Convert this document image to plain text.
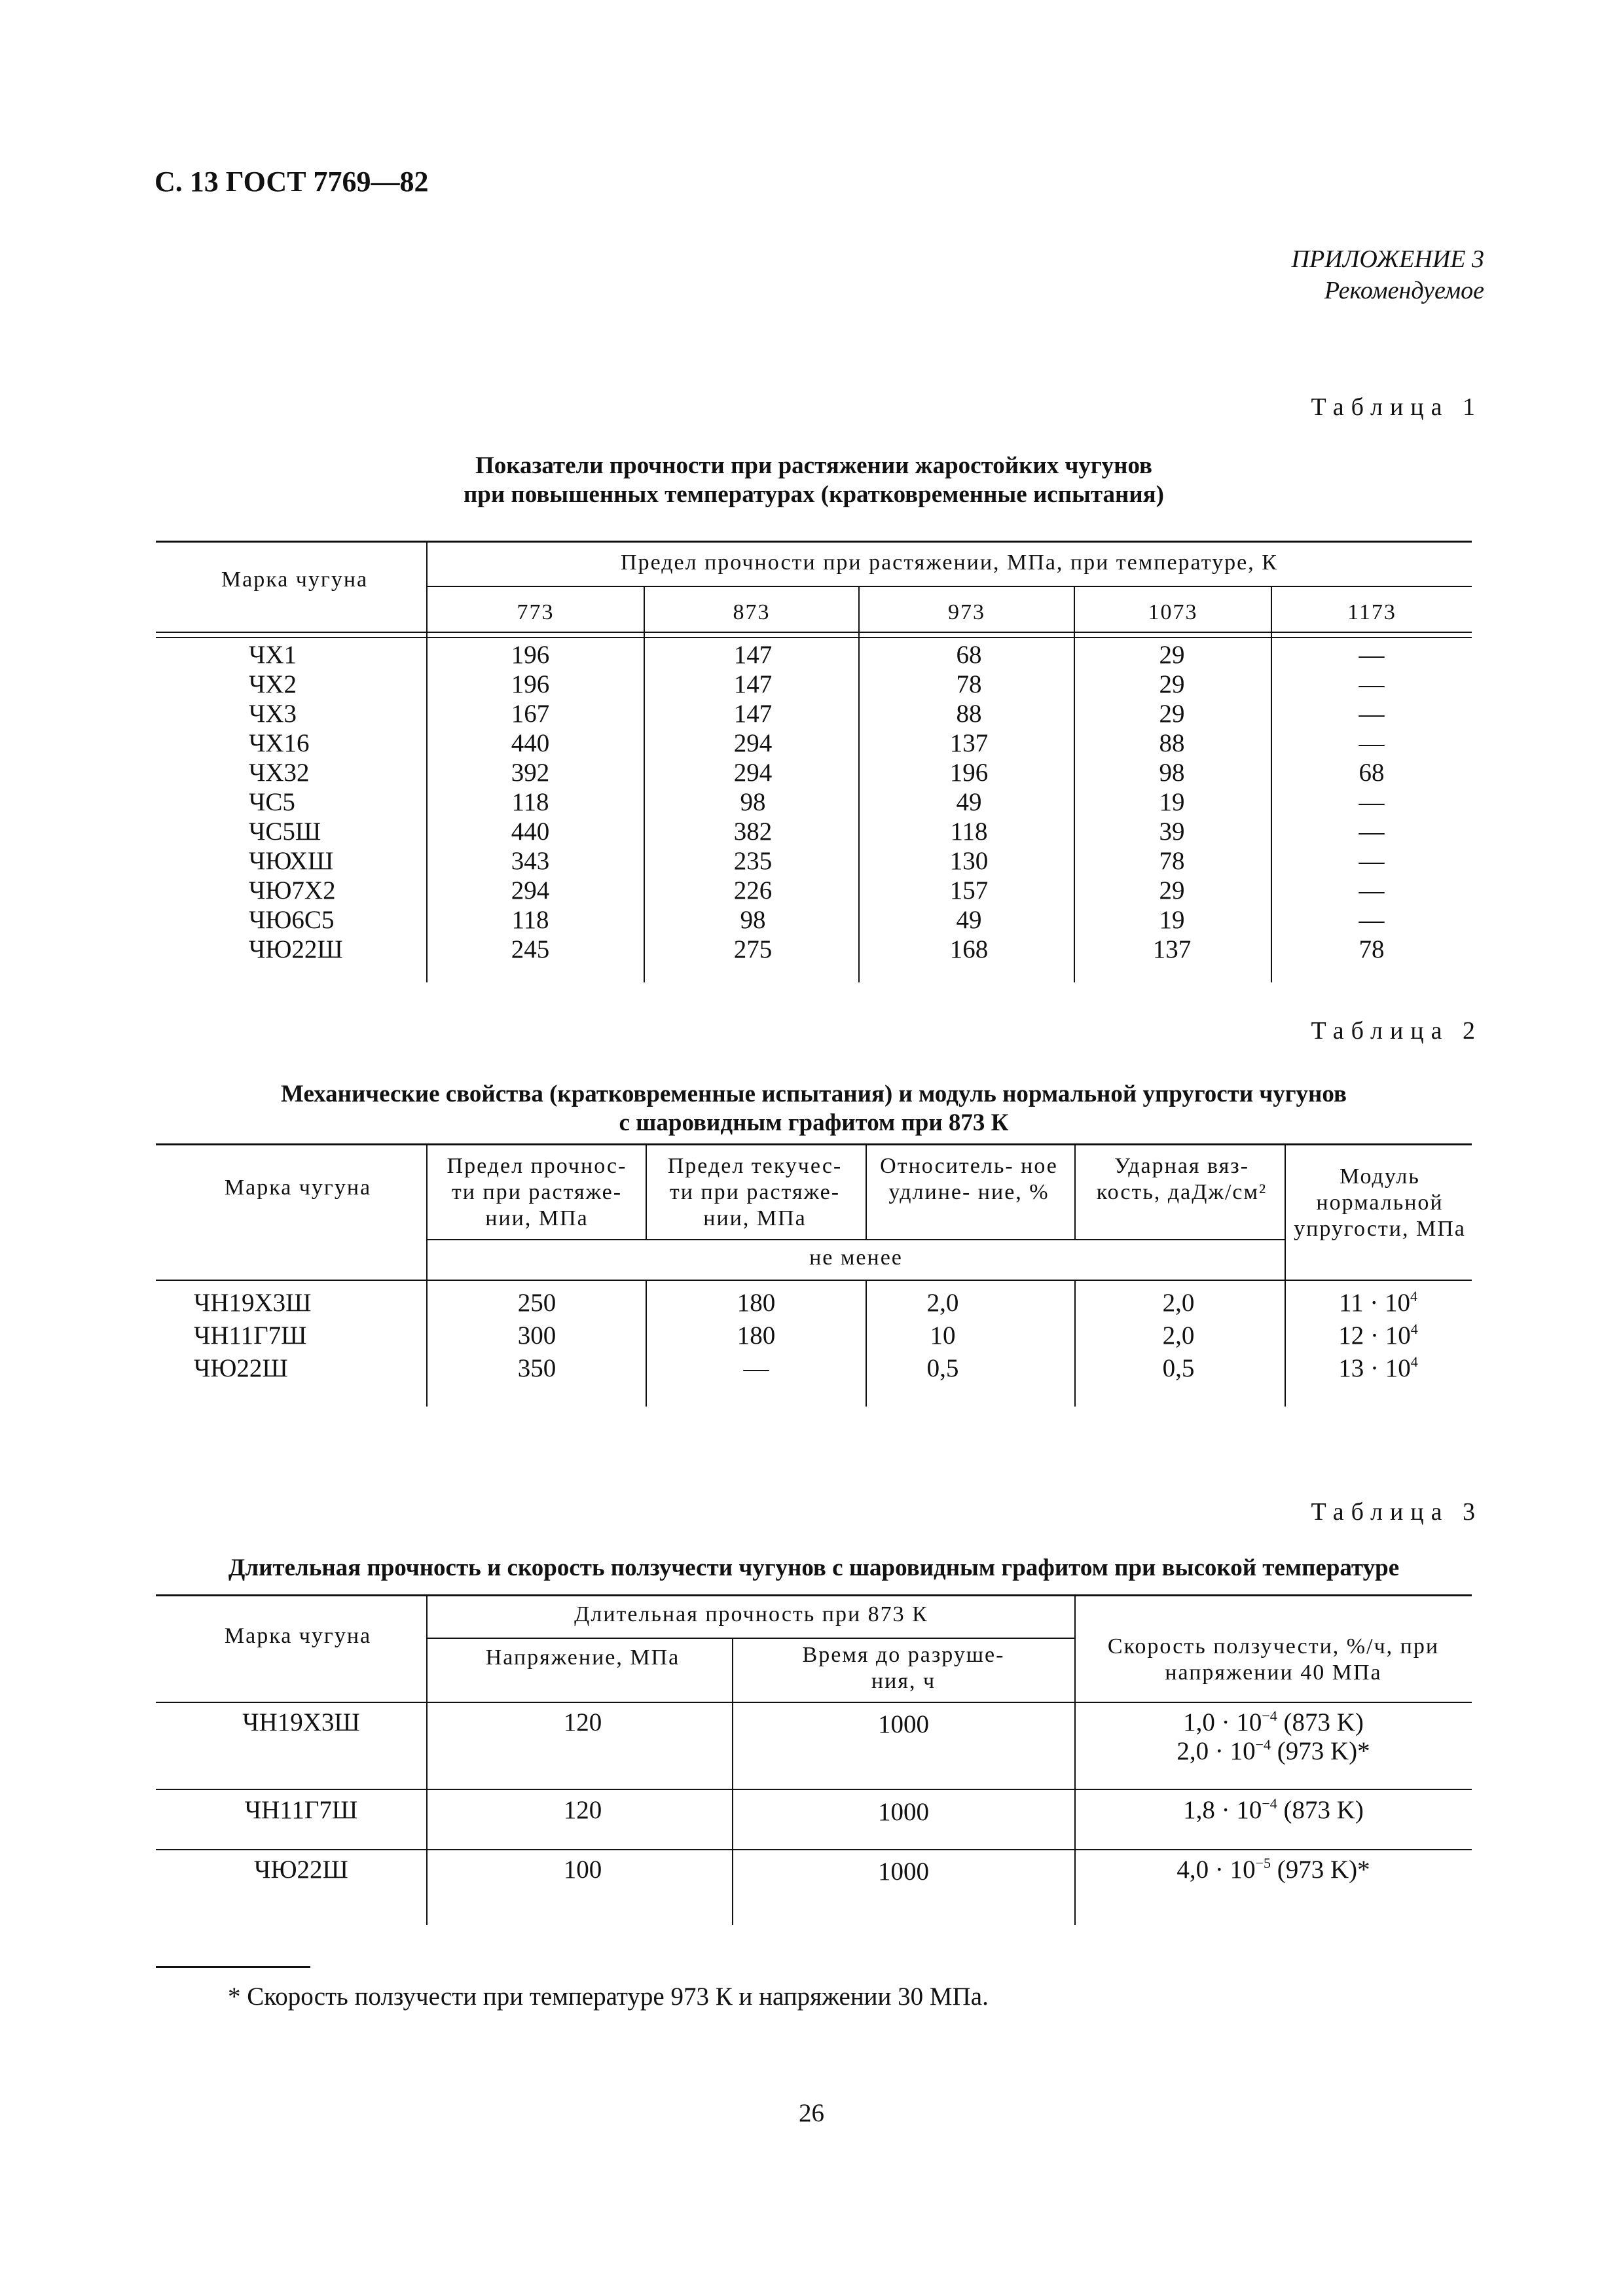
С. 13 ГОСТ 7769—82
ПРИЛОЖЕНИЕ 3
Рекомендуемое
Таблица 1
Показатели прочности при растяжении жаростойких чугунов
при повышенных температурах (кратковременные испытания)
Марка чугуна
Предел прочности при растяжении, МПа, при температуре, К
773	873	973	1073	1173
ЧХ1	196	147	68	29	—
ЧХ2	196	147	78	29	—
ЧХ3	167	147	88	29	—
ЧХ16	440	294	137	88	—
ЧХ32	392	294	196	98	68
ЧС5	118	98	49	19	—
ЧС5Ш	440	382	118	39	—
ЧЮХШ	343	235	130	78	—
ЧЮ7Х2	294	226	157	29	—
ЧЮ6С5	118	98	49	19	—
ЧЮ22Ш	245	275	168	137	78
Таблица 2
Механические свойства (кратковременные испытания) и модуль нормальной упругости чугунов
с шаровидным графитом при 873 К
Марка чугуна
Предел прочнос- ти при растяже- нии, МПа
Предел текучес- ти при растяже- нии, МПа
Относитель- ное удлине- ние, %
Ударная вяз- кость, даДж/см²
Модуль нормальной упругости, МПа
не менее
ЧН19Х3Ш	250	180	2,0	2,0	$11 \cdot 10^4$
ЧН11Г7Ш	300	180	10	2,0	$12 \cdot 10^4$
ЧЮ22Ш	350	—	0,5	0,5	$13 \cdot 10^4$
Таблица 3
Длительная прочность и скорость ползучести чугунов с шаровидным графитом при высокой температуре
Марка чугуна
Длительная прочность при 873 К
Напряжение, МПа	Время до разруше- ния, ч
Скорость ползучести, %/ч, при напряжении 40 МПа
ЧН19Х3Ш	120	1000	$1,0 \cdot 10^{-4}$ (873 K)
$2,0 \cdot 10^{-4}$ (973 K)*
ЧН11Г7Ш	120	1000	$1,8 \cdot 10^{-4}$ (873 K)
ЧЮ22Ш	100	1000	$4,0 \cdot 10^{-5}$ (973 K)*
* Скорость ползучести при температуре 973 К и напряжении 30 МПа.
26
